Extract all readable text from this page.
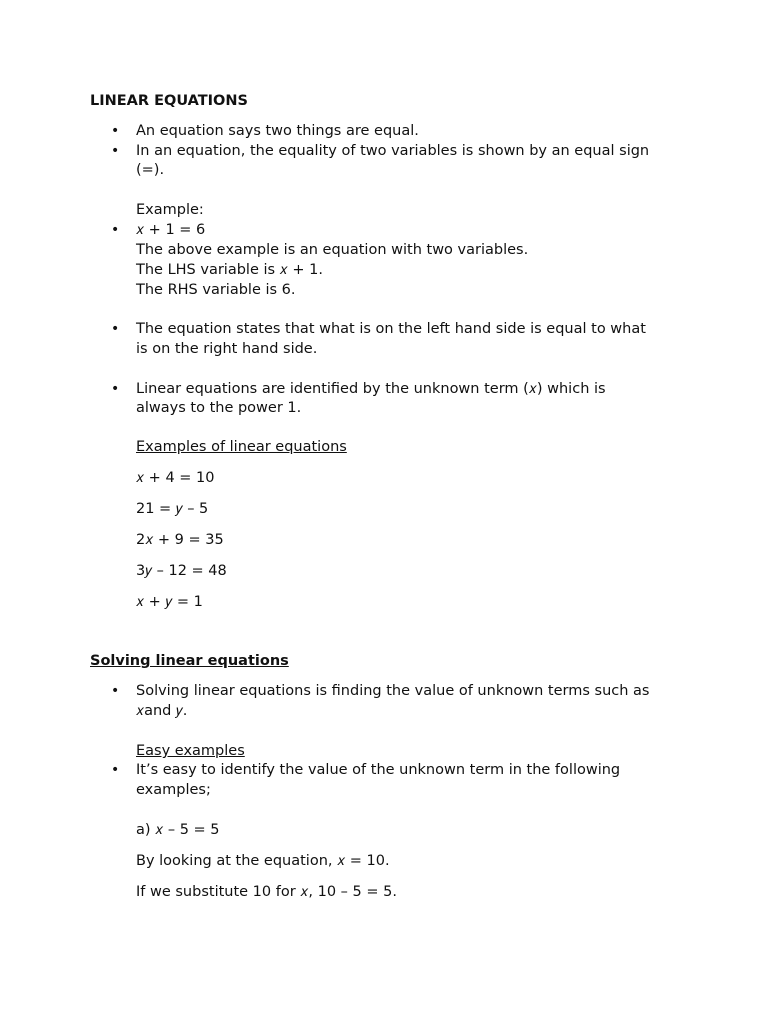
LINEAR EQUATIONS
• An equation says two things are equal.
• In an equation, the equality of two variables is shown by an equal sign
(=).
Example:
• 𝑥 + 1 = 6
The above example is an equation with two variables.
The LHS variable is 𝑥 + 1.
The RHS variable is 6.
• The equation states that what is on the left hand side is equal to what
is on the right hand side.
• Linear equations are identified by the unknown term (𝑥) which is
always to the power 1.
Examples of linear equations
𝑥 + 4 = 10
21 = 𝑦 – 5
2𝑥 + 9 = 35
3𝑦 – 12 = 48
𝑥 + 𝑦 = 1
Solving linear equations
• Solving linear equations is finding the value of unknown terms such as
𝑥and 𝑦.
Easy examples
• It’s easy to identify the value of the unknown term in the following
examples;
a) 𝑥 – 5 = 5
By looking at the equation, 𝑥 = 10.
If we substitute 10 for 𝑥, 10 – 5 = 5.
